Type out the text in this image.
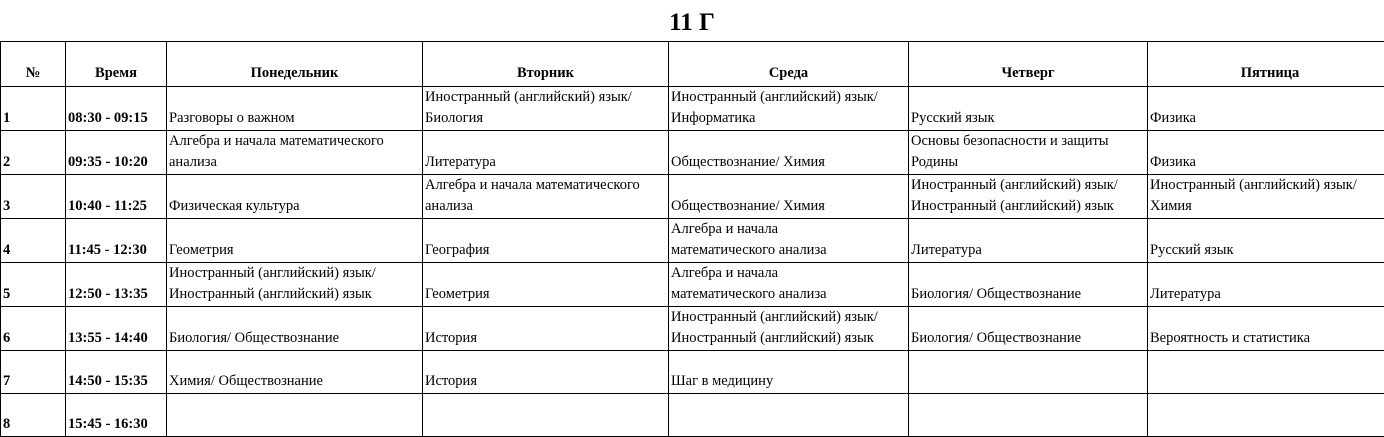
11 Г
№	Время	Понедельник	Вторник	Среда	Четверг	Пятница
1	08:30 - 09:15	Разговоры о важном	Иностранный (английский) язык/
Биология	Иностранный (английский) язык/
Информатика	Русский язык	Физика

2	09:35 - 10:20	Алгебра и начала математического
анализа	Литература	Обществознание/ Химия	Основы безопасности и защиты
Родины	Физика

3	10:40 - 11:25	Физическая культура	Алгебра и начала математического
анализа	Обществознание/ Химия	Иностранный (английский) язык/
Иностранный (английский) язык	Иностранный (английский) язык/
Химия

4	11:45 - 12:30	Геометрия	География	Алгебра и начала
математического анализа	Литература	Русский язык

5	12:50 - 13:35	Иностранный (английский) язык/
Иностранный (английский) язык	Геометрия	Алгебра и начала
математического анализа	Биология/ Обществознание	Литература

6	13:55 - 14:40	Биология/ Обществознание	История	Иностранный (английский) язык/
Иностранный (английский) язык	Биология/ Обществознание	Вероятность и статистика

7	14:50 - 15:35	Химия/ Обществознание	История	Шаг в медицину		

8	15:45 - 16:30					
